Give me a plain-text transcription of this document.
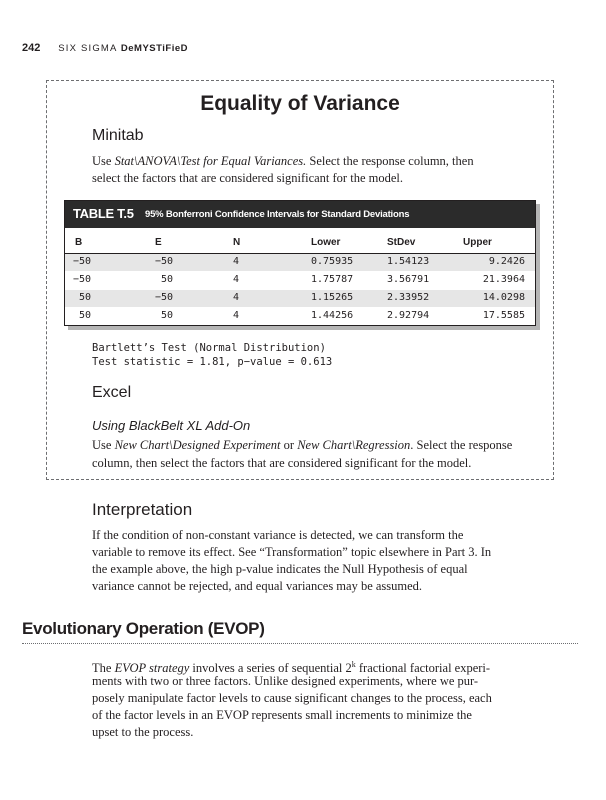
242 SIX SIGMA DeMYSTiFieD
Equality of Variance
Minitab
Use Stat\ANOVA\Test for Equal Variances. Select the response column, then
select the factors that are considered significant for the model.
TABLE T.5 95% Bonferroni Confidence Intervals for Standard Deviations
B	E	N	Lower	StDev	Upper
−50	−50	4	0.75935	1.54123	9.2426
−50	50	4	1.75787	3.56791	21.3964
50	−50	4	1.15265	2.33952	14.0298
50	50	4	1.44256	2.92794	17.5585
Bartlett’s Test (Normal Distribution)
Test statistic = 1.81, p−value = 0.613
Excel
Using BlackBelt XL Add-On
Use New Chart\Designed Experiment or New Chart\Regression. Select the response
column, then select the factors that are considered significant for the model.
Interpretation
If the condition of non-constant variance is detected, we can transform the
variable to remove its effect. See “Transformation” topic elsewhere in Part 3. In
the example above, the high p-value indicates the Null Hypothesis of equal
variance cannot be rejected, and equal variances may be assumed.
Evolutionary Operation (EVOP)
The EVOP strategy involves a series of sequential 2$^k$ fractional factorial experi-
ments with two or three factors. Unlike designed experiments, where we pur-
posely manipulate factor levels to cause significant changes to the process, each
of the factor levels in an EVOP represents small increments to minimize the
upset to the process.
